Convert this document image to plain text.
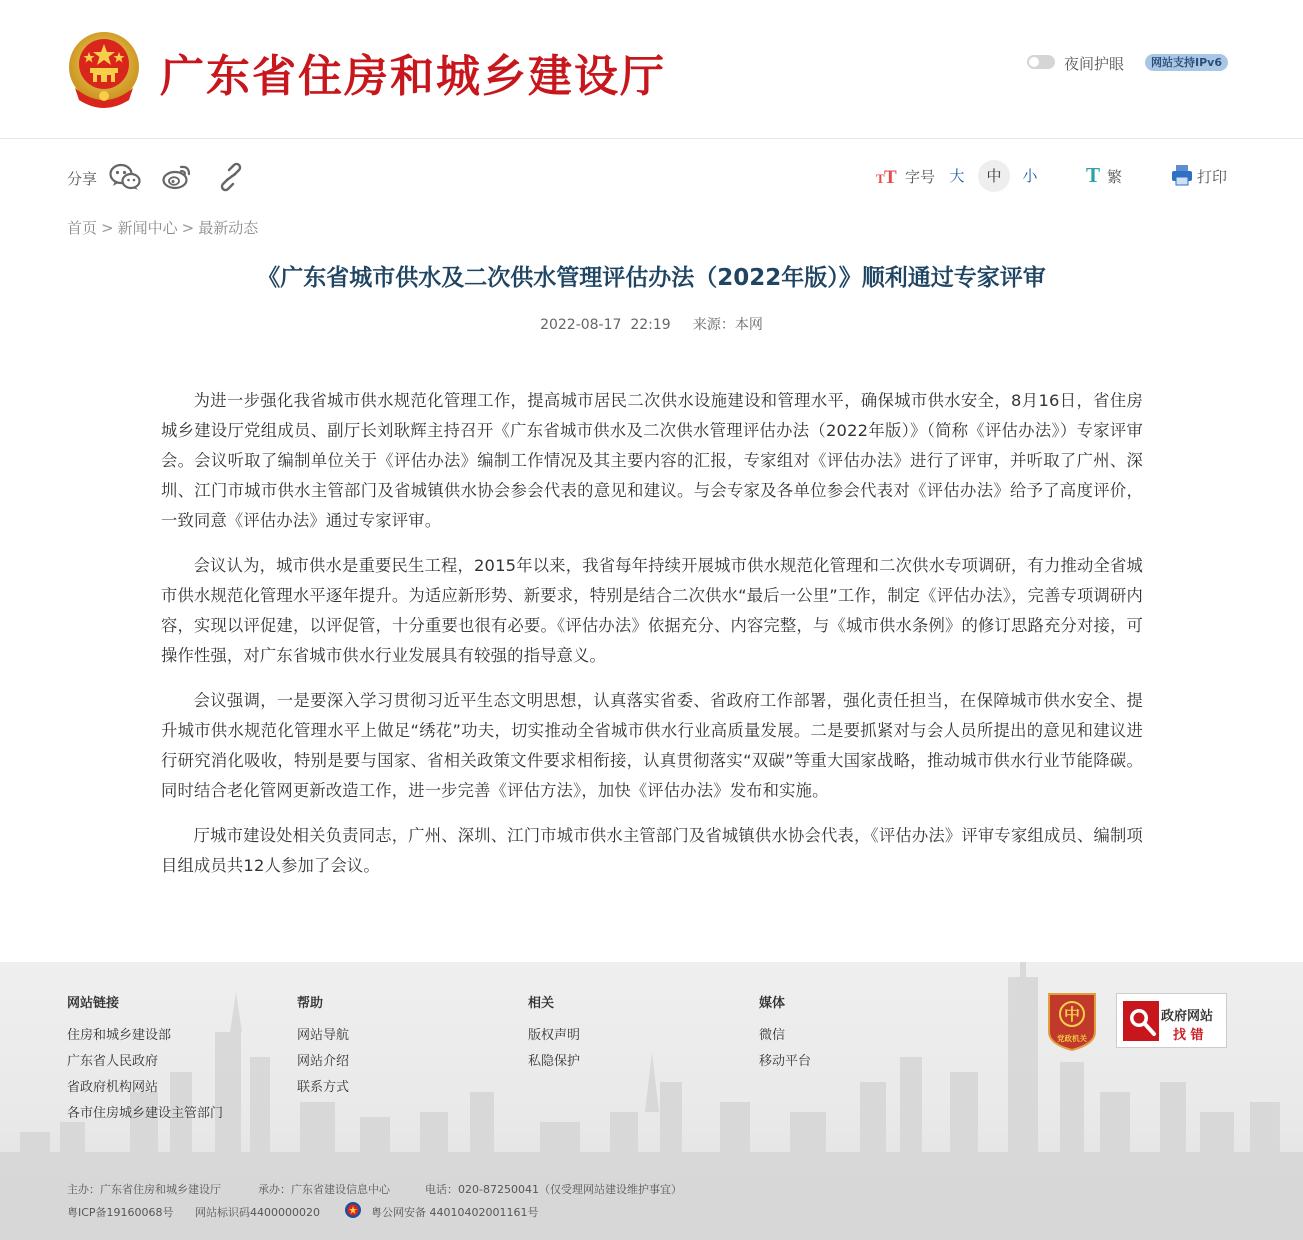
广东省住房和城乡建设厅	夜间护眼	网站支持IPv6
分享	T T 字号 大	中	小	T 繁	打印
首页 > 新闻中心 > 最新动态
《广东省城市供水及二次供水管理评估办法（2022年版）》顺利通过专家评审
2022-08-17  22:19     来源：本网

为进一步强化我省城市供水规范化管理工作，提高城市居民二次供水设施建设和管理水平，确保城市供水安全，8月16日，省住房城乡建设厅党组成员、副厅长刘耿辉主持召开《广东省城市供水及二次供水管理评估办法（2022年版）》（简称《评估办法》）专家评审会。会议听取了编制单位关于《评估办法》编制工作情况及其主要内容的汇报，专家组对《评估办法》进行了评审，并听取了广州、深圳、江门市城市供水主管部门及省城镇供水协会参会代表的意见和建议。与会专家及各单位参会代表对《评估办法》给予了高度评价，一致同意《评估办法》通过专家评审。

会议认为，城市供水是重要民生工程，2015年以来，我省每年持续开展城市供水规范化管理和二次供水专项调研，有力推动全省城市供水规范化管理水平逐年提升。为适应新形势、新要求，特别是结合二次供水“最后一公里”工作，制定《评估办法》，完善专项调研内容，实现以评促建，以评促管，十分重要也很有必要。《评估办法》依据充分、内容完整，与《城市供水条例》的修订思路充分对接，可操作性强，对广东省城市供水行业发展具有较强的指导意义。

会议强调，一是要深入学习贯彻习近平生态文明思想，认真落实省委、省政府工作部署，强化责任担当，在保障城市供水安全、提升城市供水规范化管理水平上做足“绣花”功夫，切实推动全省城市供水行业高质量发展。二是要抓紧对与会人员所提出的意见和建议进行研究消化吸收，特别是要与国家、省相关政策文件要求相衔接，认真贯彻落实“双碳”等重大国家战略，推动城市供水行业节能降碳。同时结合老化管网更新改造工作，进一步完善《评估方法》，加快《评估办法》发布和实施。

厅城市建设处相关负责同志，广州、深圳、江门市城市供水主管部门及省城镇供水协会代表，《评估办法》评审专家组成员、编制项目组成员共12人参加了会议。

网站链接
住房和城乡建设部
广东省人民政府
省政府机构网站
各市住房城乡建设主管部门
帮助
网站导航
网站介绍
联系方式
相关
版权声明
私隐保护
媒体
微信
移动平台
中
党政机关
政府网站
找 错
主办：广东省住房和城乡建设厅	承办：广东省建设信息中心	电话：020-87250041（仅受理网站建设维护事宜）
粤ICP备19160068号 网站标识码4400000020	粤公网安备 44010402001161号
